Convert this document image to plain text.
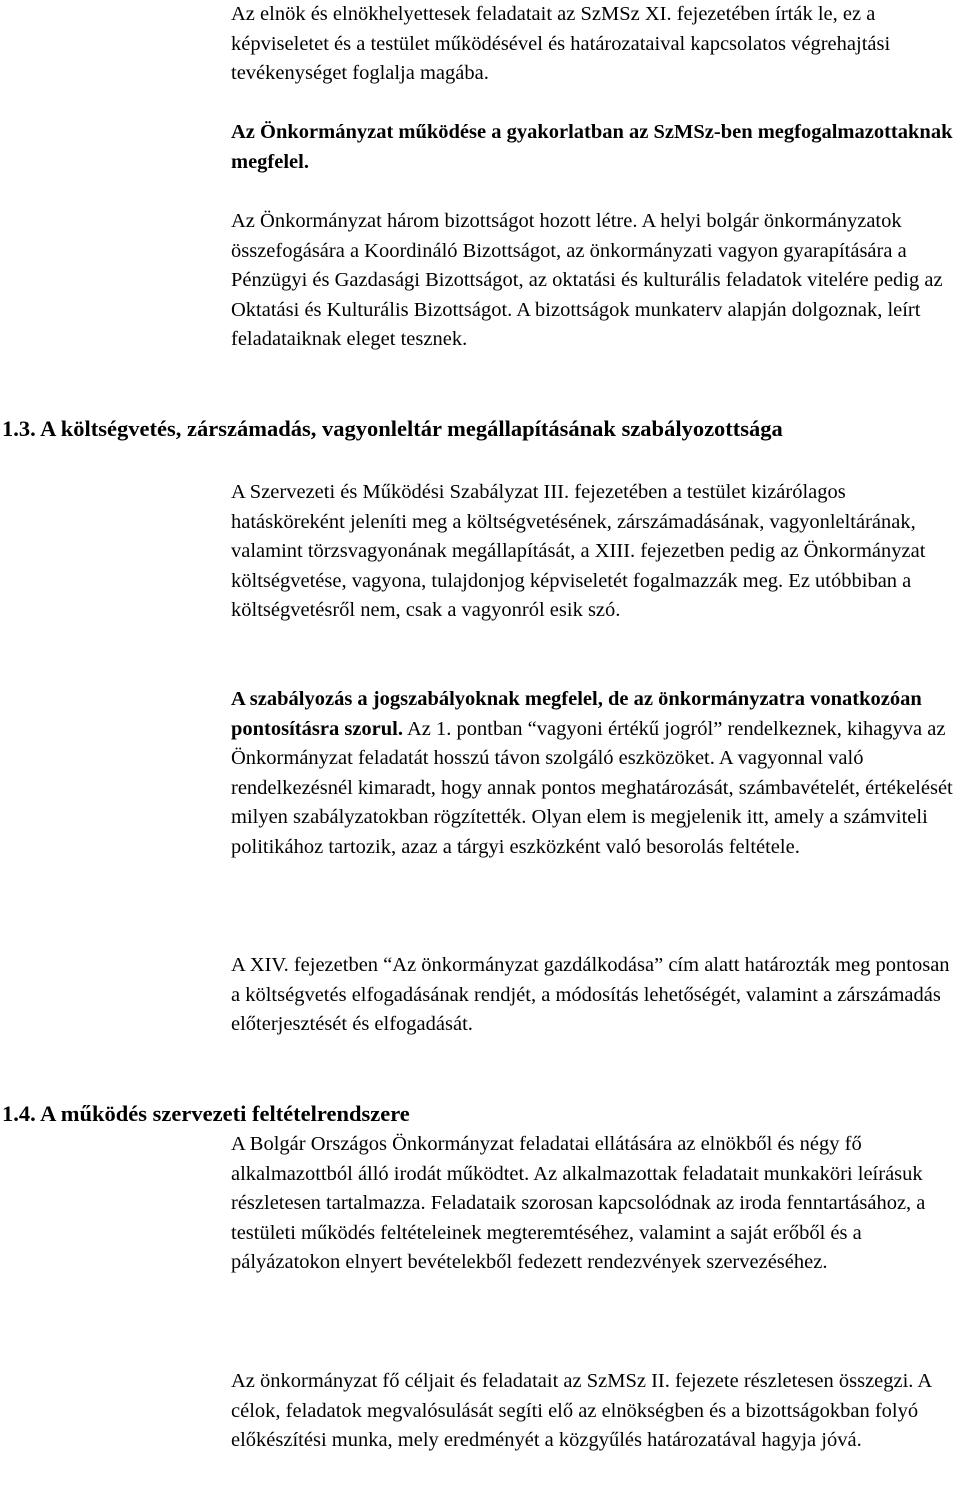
Az elnök és elnökhelyettesek feladatait az SzMSz XI. fejezetében írták le, ez a képviseletet és a testület működésével és határozataival kapcsolatos végrehajtási tevékenységet foglalja magába.

Az Önkormányzat működése a gyakorlatban az SzMSz-ben megfogalmazottaknak megfelel.

Az Önkormányzat három bizottságot hozott létre. A helyi bolgár önkormányzatok összefogására a Koordináló Bizottságot, az önkormányzati vagyon gyarapítására a Pénzügyi és Gazdasági Bizottságot, az oktatási és kulturális feladatok vitelére pedig az Oktatási és Kulturális Bizottságot. A bizottságok munkaterv alapján dolgoznak, leírt feladataiknak eleget tesznek.

1.3. A költségvetés, zárszámadás, vagyonleltár megállapításának szabályozottsága

A Szervezeti és Működési Szabályzat III. fejezetében a testület kizárólagos hatásköreként jeleníti meg a költségvetésének, zárszámadásának, vagyonleltárának, valamint törzsvagyonának megállapítását, a XIII. fejezetben pedig az Önkormányzat költségvetése, vagyona, tulajdonjog képviseletét fogalmazzák meg. Ez utóbbiban a költségvetésről nem, csak a vagyonról esik szó.

A szabályozás a jogszabályoknak megfelel, de az önkormányzatra vonatkozóan pontosításra szorul. Az 1. pontban “vagyoni értékű jogról” rendelkeznek, kihagyva az Önkormányzat feladatát hosszú távon szolgáló eszközöket. A vagyonnal való rendelkezésnél kimaradt, hogy annak pontos meghatározását, számbavételét, értékelését milyen szabályzatokban rögzítették. Olyan elem is megjelenik itt, amely a számviteli politikához tartozik, azaz a tárgyi eszközként való besorolás feltétele.

A XIV. fejezetben “Az önkormányzat gazdálkodása” cím alatt határozták meg pontosan a költségvetés elfogadásának rendjét, a módosítás lehetőségét, valamint a zárszámadás előterjesztését és elfogadását.

1.4. A működés szervezeti feltételrendszere

A Bolgár Országos Önkormányzat feladatai ellátására az elnökből és négy fő alkalmazottból álló irodát működtet. Az alkalmazottak feladatait munkaköri leírásuk részletesen tartalmazza. Feladataik szorosan kapcsolódnak az iroda fenntartásához, a testületi működés feltételeinek megteremtéséhez, valamint a saját erőből és a pályázatokon elnyert bevételekből fedezett rendezvények szervezéséhez.

Az önkormányzat fő céljait és feladatait az SzMSz II. fejezete részletesen összegzi. A célok, feladatok megvalósulását segíti elő az elnökségben és a bizottságokban folyó előkészítési munka, mely eredményét a közgyűlés határozatával hagyja jóvá.
